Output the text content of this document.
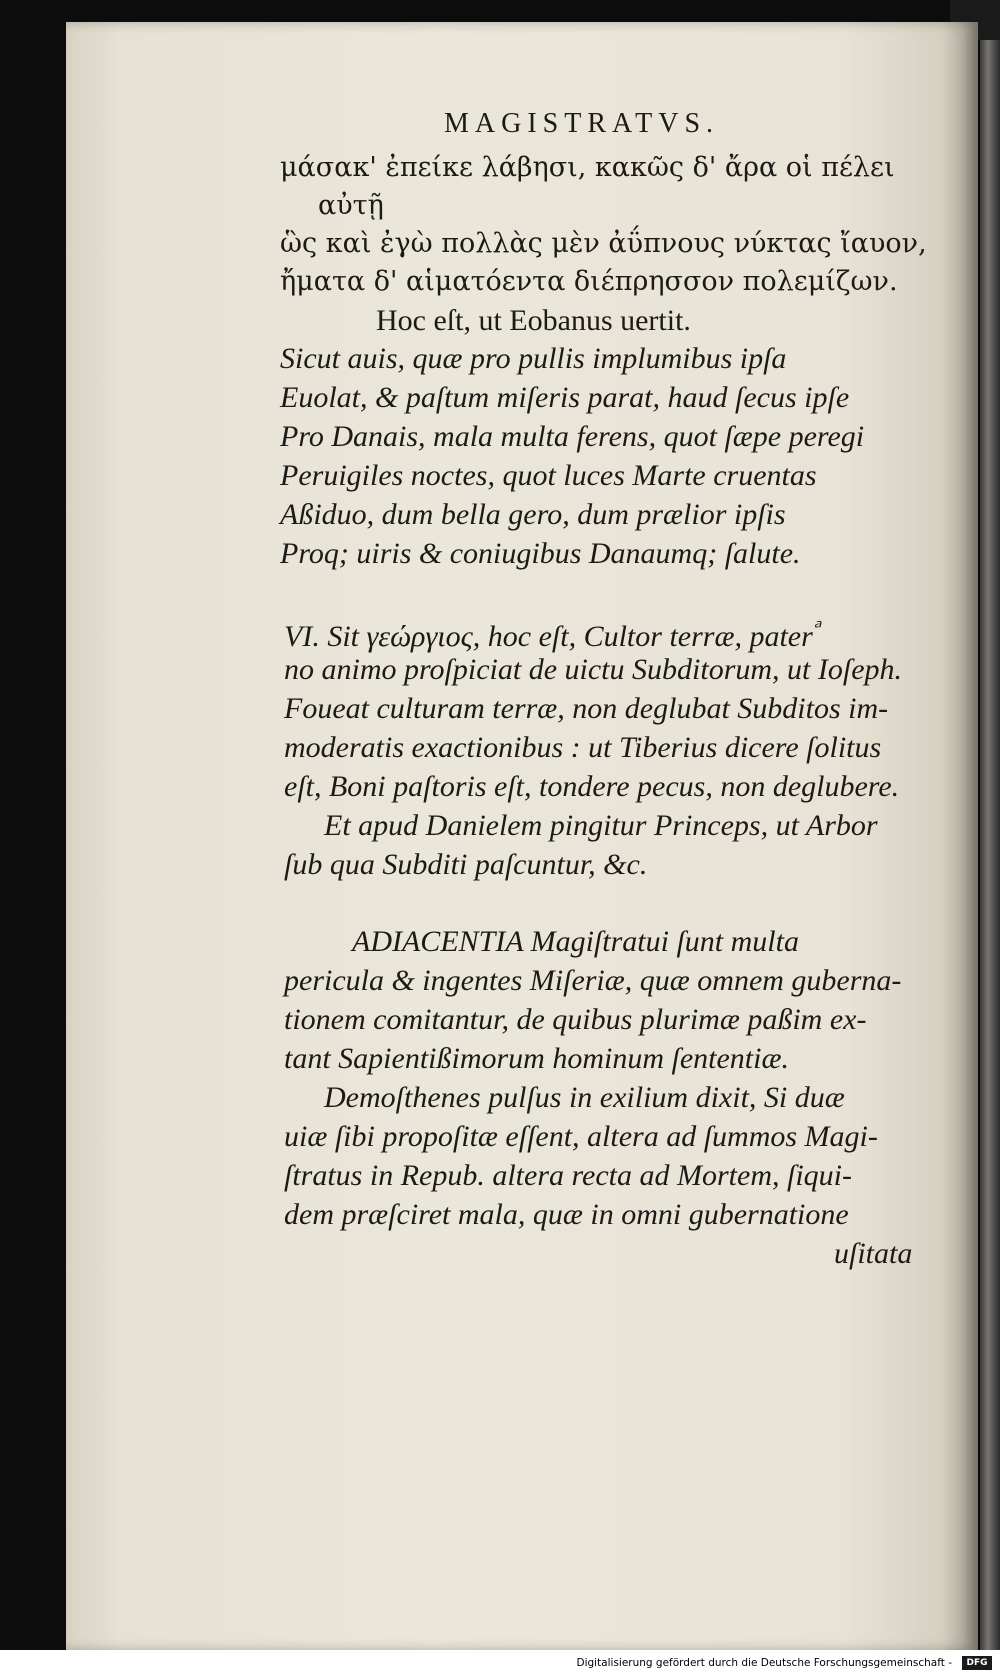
MAGISTRATVS.
μάσακ' ἐπείκε λάβησι, κακῶς δ' ἄρα οἱ πέλει
αὐτῇ
ὣς καὶ ἐγὼ πολλὰς μὲν ἀΰπνους νύκτας ἴαυον,
ἤματα δ' αἱματόεντα διέπρησσον πολεμίζων.
Hoc eſt, ut Eobanus uertit.
Sicut auis, quæ pro pullis implumibus ipſa
Euolat, & paſtum miſeris parat, haud ſecus ipſe
Pro Danais, mala multa ferens, quot ſæpe peregi
Peruigiles noctes, quot luces Marte cruentas
Aßiduo, dum bella gero, dum prælior ipſis
Proq; uiris & coniugibus Danaumq; ſalute.
VI. Sit γεώργιος, hoc eſt, Cultor terræ, paterⷶ
no animo proſpiciat de uictu Subditorum, ut Ioſeph.
Foueat culturam terræ, non deglubat Subditos im-
moderatis exactionibus : ut Tiberius dicere ſolitus
eſt, Boni paſtoris eſt, tondere pecus, non deglubere.
Et apud Danielem pingitur Princeps, ut Arbor
ſub qua Subditi paſcuntur, &c.
ADIACENTIA Magiſtratui ſunt multa
pericula & ingentes Miſeriæ, quæ omnem guberna-
tionem comitantur, de quibus plurimæ paßim ex-
tant Sapientißimorum hominum ſententiæ.
Demoſthenes pulſus in exilium dixit, Si duæ
uiæ ſibi propoſitæ eſſent, altera ad ſummos Magi-
ſtratus in Repub. altera recta ad Mortem, ſiqui-
dem præſciret mala, quæ in omni gubernatione
uſitata
Digitalisierung gefördert durch die Deutsche Forschungsgemeinschaft -	DFG
